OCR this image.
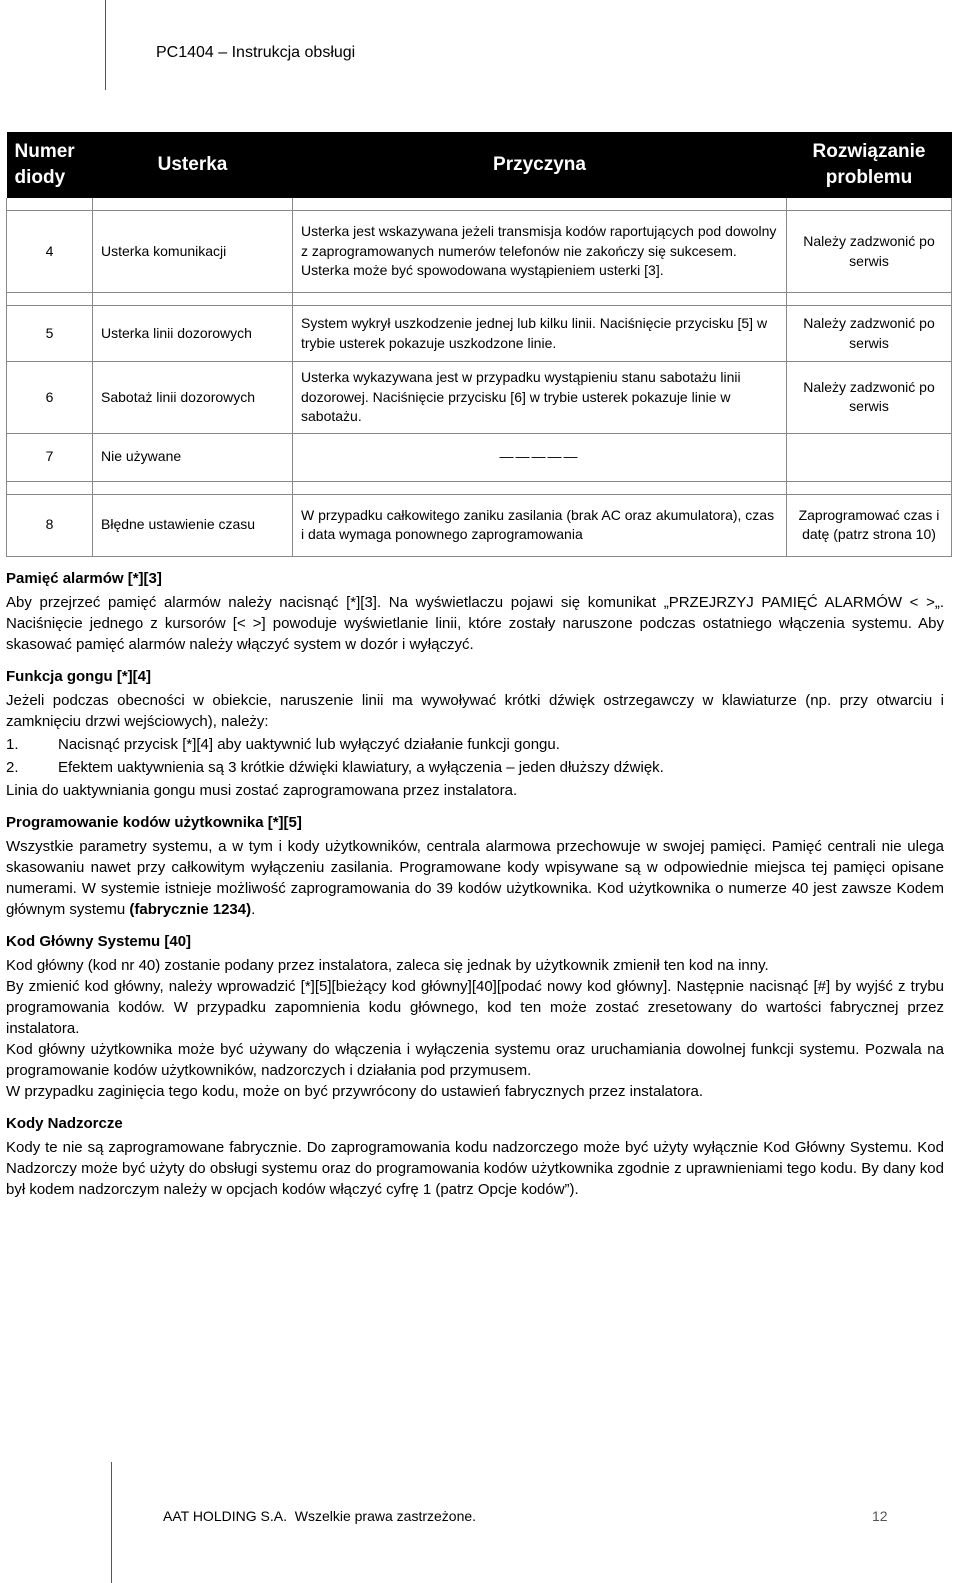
PC1404 – Instrukcja obsługi
Numer diody	Usterka	Przyczyna	Rozwiązanie problemu

4	Usterka komunikacji	Usterka jest wskazywana jeżeli transmisja kodów raportujących pod dowolny z zaprogramowanych numerów telefonów nie zakończy się sukcesem. Usterka może być spowodowana wystąpieniem usterki [3].	Należy zadzwonić po serwis

5	Usterka linii dozorowych	System wykrył uszkodzenie jednej lub kilku linii. Naciśnięcie przycisku [5] w trybie usterek pokazuje uszkodzone linie.	Należy zadzwonić po serwis
6	Sabotaż linii dozorowych	Usterka wykazywana jest w przypadku wystąpieniu stanu sabotażu linii dozorowej. Naciśnięcie przycisku [6] w trybie usterek pokazuje linie w sabotażu.	Należy zadzwonić po serwis
7	Nie używane	—————	

8	Błędne ustawienie czasu	W przypadku całkowitego zaniku zasilania (brak AC oraz akumulatora), czas i data wymaga ponownego zaprogramowania	Zaprogramować czas i datę (patrz strona 10)
Pamięć alarmów [*][3]

Aby przejrzeć pamięć alarmów należy nacisnąć [*][3]. Na wyświetlaczu pojawi się komunikat „PRZEJRZYJ PAMIĘĆ ALARMÓW < >„. Naciśnięcie jednego z kursorów [< >] powoduje wyświetlanie linii, które zostały naruszone podczas ostatniego włączenia systemu. Aby skasować pamięć alarmów należy włączyć system w dozór i wyłączyć.

Funkcja gongu [*][4]

Jeżeli podczas obecności w obiekcie, naruszenie linii ma wywoływać krótki dźwięk ostrzegawczy w klawiaturze (np. przy otwarciu i zamknięciu drzwi wejściowych), należy:

1.	Nacisnąć przycisk [*][4] aby uaktywnić lub wyłączyć działanie funkcji gongu.
2.	Efektem uaktywnienia są 3 krótkie dźwięki klawiatury, a wyłączenia – jeden dłuższy dźwięk.

Linia do uaktywniania gongu musi zostać zaprogramowana przez instalatora.

Programowanie kodów użytkownika [*][5]

Wszystkie parametry systemu, a w tym i kody użytkowników, centrala alarmowa przechowuje w swojej pamięci. Pamięć centrali nie ulega skasowaniu nawet przy całkowitym wyłączeniu zasilania. Programowane kody wpisywane są w odpowiednie miejsca tej pamięci opisane numerami. W systemie istnieje możliwość zaprogramowania do 39 kodów użytkownika. Kod użytkownika o numerze 40 jest zawsze Kodem głównym systemu (fabrycznie 1234).

Kod Główny Systemu [40]

Kod główny (kod nr 40) zostanie podany przez instalatora, zaleca się jednak by użytkownik zmienił ten kod na inny.

By zmienić kod główny, należy wprowadzić [*][5][bieżący kod główny][40][podać nowy kod główny]. Następnie nacisnąć [#] by wyjść z trybu programowania kodów. W przypadku zapomnienia kodu głównego, kod ten może zostać zresetowany do wartości fabrycznej przez instalatora.

Kod główny użytkownika może być używany do włączenia i wyłączenia systemu oraz uruchamiania dowolnej funkcji systemu. Pozwala na programowanie kodów użytkowników, nadzorczych i działania pod przymusem.

W przypadku zaginięcia tego kodu, może on być przywrócony do ustawień fabrycznych przez instalatora.

Kody Nadzorcze

Kody te nie są zaprogramowane fabrycznie. Do zaprogramowania kodu nadzorczego może być użyty wyłącznie Kod Główny Systemu. Kod Nadzorczy może być użyty do obsługi systemu oraz do programowania kodów użytkownika zgodnie z uprawnieniami tego kodu. By dany kod był kodem nadzorczym należy w opcjach kodów włączyć cyfrę 1 (patrz Opcje kodów”).

AAT HOLDING S.A.  Wszelkie prawa zastrzeżone.	12
